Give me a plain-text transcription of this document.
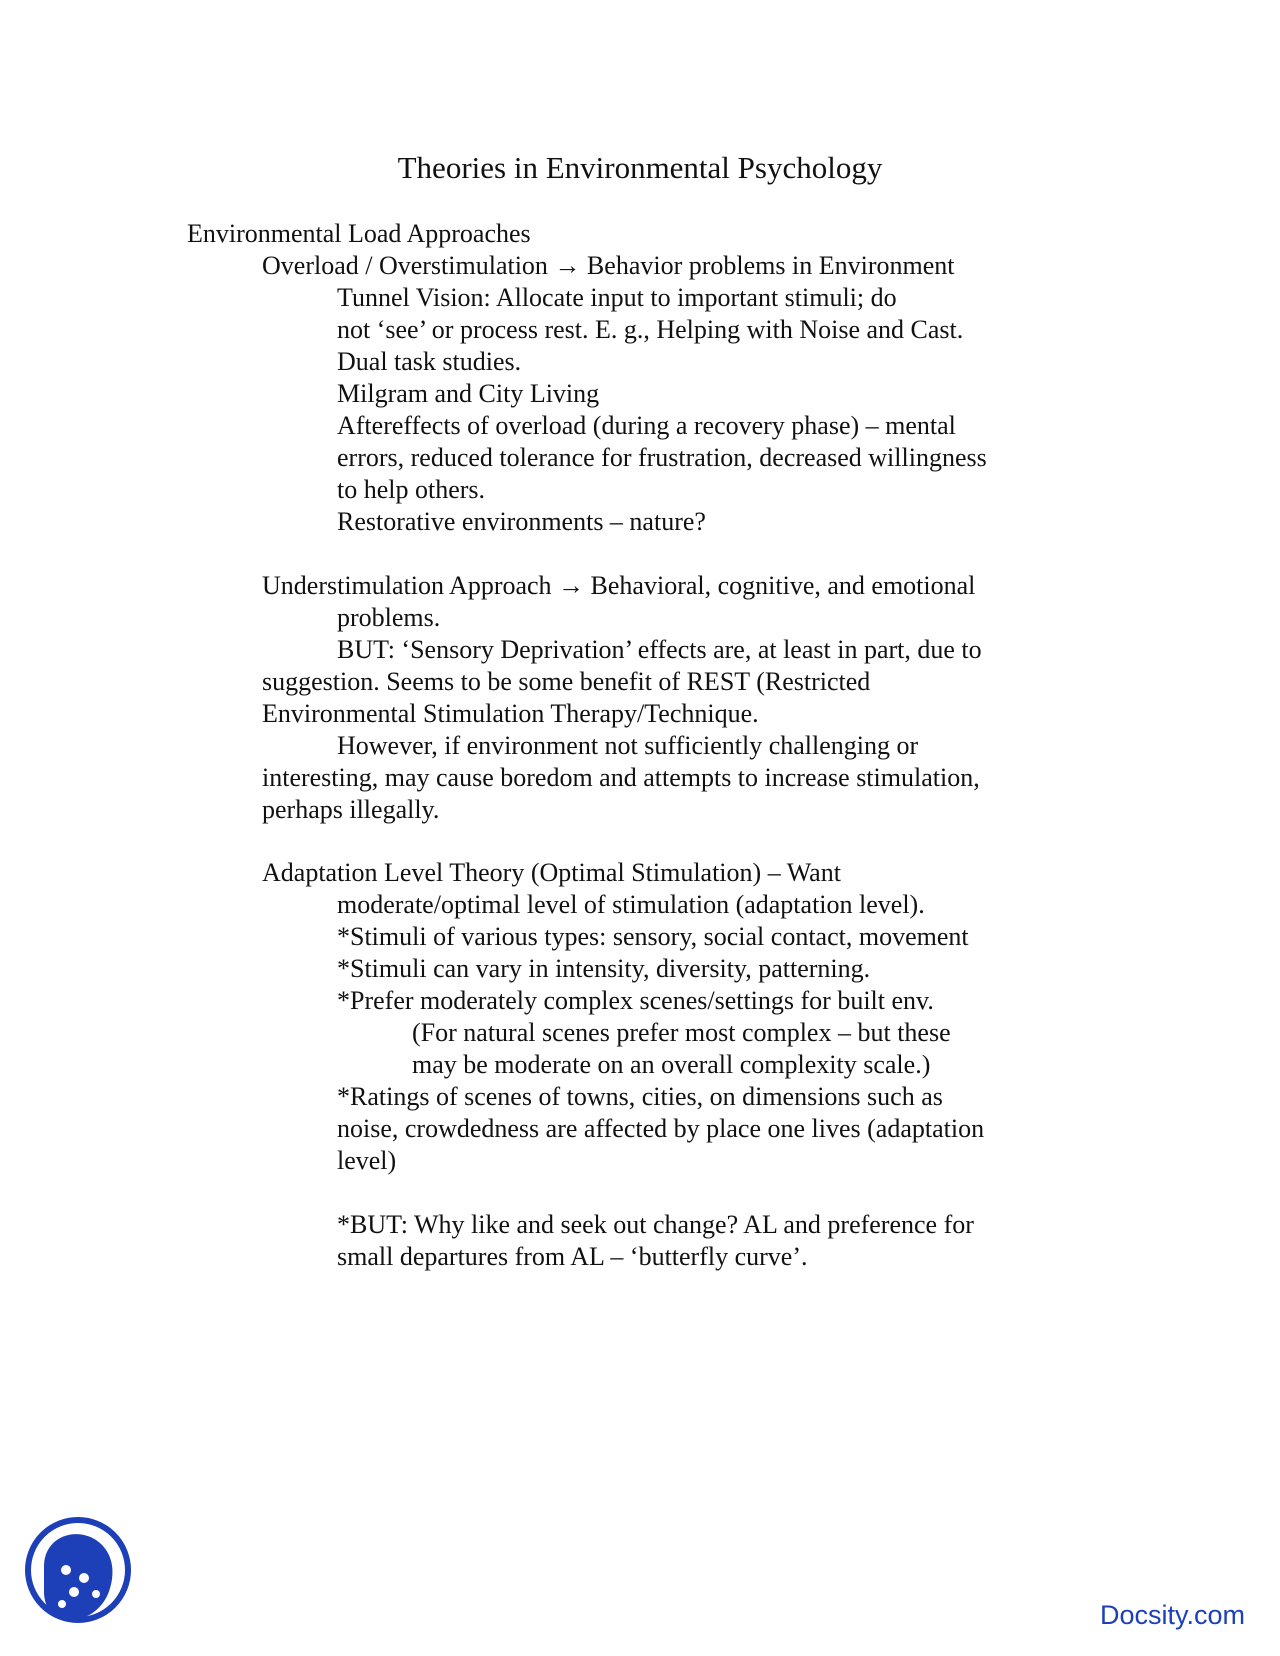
Theories in Environmental Psychology
Environmental Load Approaches
Overload / Overstimulation → Behavior problems in Environment
Tunnel Vision: Allocate input to important stimuli; do
not ‘see’ or process rest. E. g., Helping with Noise and Cast.
Dual task studies.
Milgram and City Living
Aftereffects of overload (during a recovery phase) – mental
errors, reduced tolerance for frustration, decreased willingness
to help others.
Restorative environments – nature?
Understimulation Approach → Behavioral, cognitive, and emotional
problems.
BUT: ‘Sensory Deprivation’ effects are, at least in part, due to
suggestion. Seems to be some benefit of REST (Restricted
Environmental Stimulation Therapy/Technique.
However, if environment not sufficiently challenging or
interesting, may cause boredom and attempts to increase stimulation,
perhaps illegally.
Adaptation Level Theory (Optimal Stimulation) – Want
moderate/optimal level of stimulation (adaptation level).
*Stimuli of various types: sensory, social contact, movement
*Stimuli can vary in intensity, diversity, patterning.
*Prefer moderately complex scenes/settings for built env.
(For natural scenes prefer most complex – but these
may be moderate on an overall complexity scale.)
*Ratings of scenes of towns, cities, on dimensions such as
noise, crowdedness are affected by place one lives (adaptation
level)
*BUT: Why like and seek out change? AL and preference for
small departures from AL – ‘butterfly curve’.
Docsity.com
